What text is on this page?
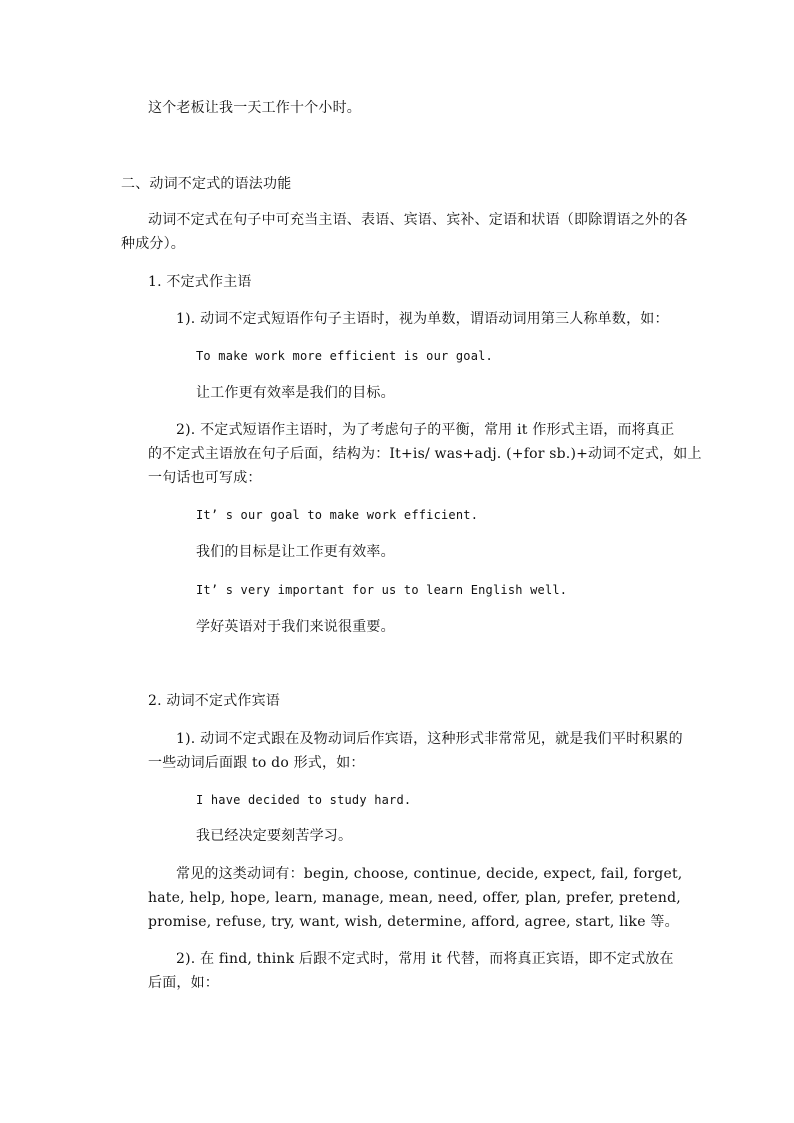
这个老板让我一天工作十个小时。
二、动词不定式的语法功能
动词不定式在句子中可充当主语、表语、宾语、宾补、定语和状语（即除谓语之外的各
种成分）。
1. 不定式作主语
1). 动词不定式短语作句子主语时，视为单数，谓语动词用第三人称单数，如：
To make work more efficient is our goal.
让工作更有效率是我们的目标。
2). 不定式短语作主语时，为了考虑句子的平衡，常用 it 作形式主语，而将真正
的不定式主语放在句子后面，结构为：It+is/ was+adj. (+for sb.)+动词不定式，如上
一句话也可写成：
It’ s our goal to make work efficient.
我们的目标是让工作更有效率。
It’ s very important for us to learn English well.
学好英语对于我们来说很重要。
2. 动词不定式作宾语
1). 动词不定式跟在及物动词后作宾语，这种形式非常常见，就是我们平时积累的
一些动词后面跟 to do 形式，如：
I have decided to study hard.
我已经决定要刻苦学习。
常见的这类动词有：begin, choose, continue, decide, expect, fail, forget,
hate, help, hope, learn, manage, mean, need, offer, plan, prefer, pretend,
promise, refuse, try, want, wish, determine, afford, agree, start, like 等。
2). 在 find, think 后跟不定式时，常用 it 代替，而将真正宾语，即不定式放在
后面，如：
